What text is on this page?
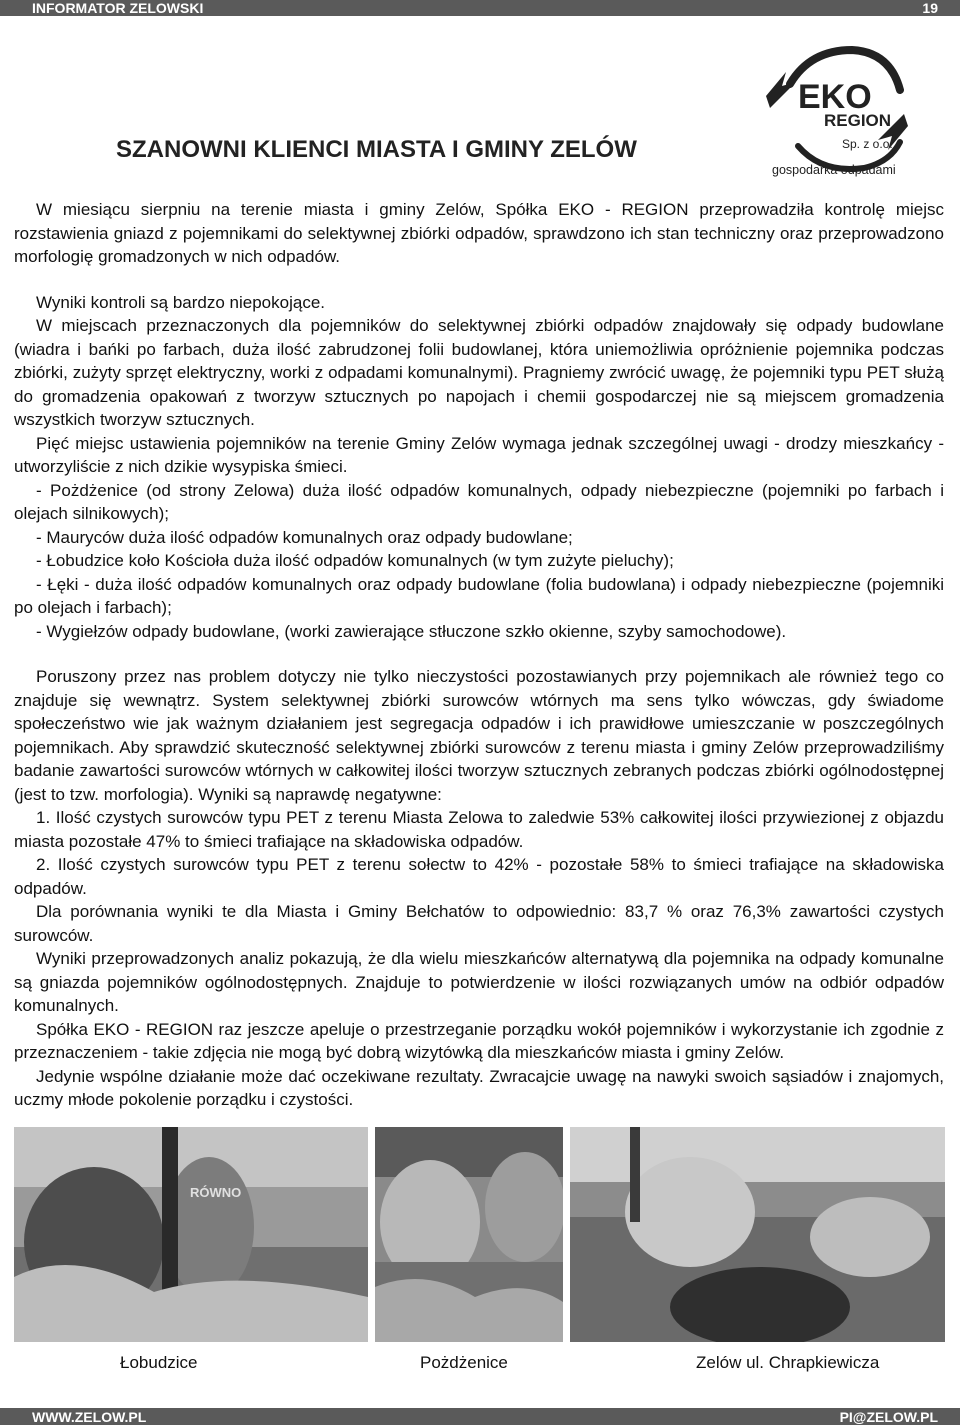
INFORMATOR ZELOWSKI	19
EKO
REGION
Sp. z o.o.
gospodarka odpadami
SZANOWNI KLIENCI MIASTA I GMINY ZELÓW

W miesiącu sierpniu na terenie miasta i gminy Zelów, Spółka EKO - REGION przeprowadziła kontrolę miejsc rozstawienia gniazd z pojemnikami do selektywnej zbiórki odpadów, sprawdzono ich stan techniczny oraz przeprowadzono morfologię gromadzonych w nich odpadów.

Wyniki kontroli są bardzo niepokojące.

W miejscach przeznaczonych dla pojemników do selektywnej zbiórki odpadów znajdowały się odpady budowlane (wiadra i bańki po farbach, duża ilość zabrudzonej folii budowlanej, która uniemożliwia opróżnienie pojemnika podczas zbiórki, zużyty sprzęt elektryczny, worki z odpadami komunalnymi). Pragniemy zwrócić uwagę, że pojemniki typu PET służą do gromadzenia opakowań z tworzyw sztucznych po napojach i chemii gospodarczej nie są miejscem gromadzenia wszystkich tworzyw sztucznych.

Pięć miejsc ustawienia pojemników na terenie Gminy Zelów wymaga jednak szczególnej uwagi - drodzy mieszkańcy - utworzyliście z nich dzikie wysypiska śmieci.

- Pożdżenice (od strony Zelowa) duża ilość odpadów komunalnych, odpady niebezpieczne (pojemniki po farbach i olejach silnikowych);

- Mauryców duża ilość odpadów komunalnych oraz odpady budowlane;

- Łobudzice koło Kościoła duża ilość odpadów komunalnych (w tym zużyte pieluchy);

- Łęki - duża ilość odpadów komunalnych oraz odpady budowlane (folia budowlana) i odpady niebezpieczne (pojemniki po olejach i farbach);

- Wygiełzów odpady budowlane, (worki zawierające stłuczone szkło okienne, szyby samochodowe).

Poruszony przez nas problem dotyczy nie tylko nieczystości pozostawianych przy pojemnikach ale również tego co znajduje się wewnątrz. System selektywnej zbiórki surowców wtórnych ma sens tylko wówczas, gdy świadome społeczeństwo wie jak ważnym działaniem jest segregacja odpadów i ich prawidłowe umieszczanie w poszczególnych pojemnikach. Aby sprawdzić skuteczność selektywnej zbiórki surowców z terenu miasta i gminy Zelów przeprowadziliśmy badanie zawartości surowców wtórnych w całkowitej ilości tworzyw sztucznych zebranych podczas zbiórki ogólnodostępnej (jest to tzw. morfologia). Wyniki są naprawdę negatywne:

1. Ilość czystych surowców typu PET z terenu Miasta Zelowa to zaledwie 53% całkowitej ilości przywiezionej z objazdu miasta pozostałe 47% to śmieci trafiające na składowiska odpadów.

2. Ilość czystych surowców typu PET z terenu sołectw to 42% - pozostałe 58% to śmieci trafiające na składowiska odpadów.

Dla porównania wyniki te dla Miasta i Gminy Bełchatów to odpowiednio: 83,7 % oraz 76,3% zawartości czystych surowców.

Wyniki przeprowadzonych analiz pokazują, że dla wielu mieszkańców alternatywą dla pojemnika na odpady komunalne są gniazda pojemników ogólnodostępnych. Znajduje to potwierdzenie w ilości rozwiązanych umów na odbiór odpadów komunalnych.

Spółka EKO - REGION raz jeszcze apeluje o przestrzeganie porządku wokół pojemników i wykorzystanie ich zgodnie z przeznaczeniem - takie zdjęcia nie mogą być dobrą wizytówką dla mieszkańców miasta i gminy Zelów.

Jedynie wspólne działanie może dać oczekiwane rezultaty. Zwracajcie uwagę na nawyki swoich sąsiadów i znajomych, uczmy młode pokolenie porządku i czystości.

RÓWNO
Łobudzice	Pożdżenice	Zelów ul. Chrapkiewicza
WWW.ZELOW.PL	PI@ZELOW.PL
